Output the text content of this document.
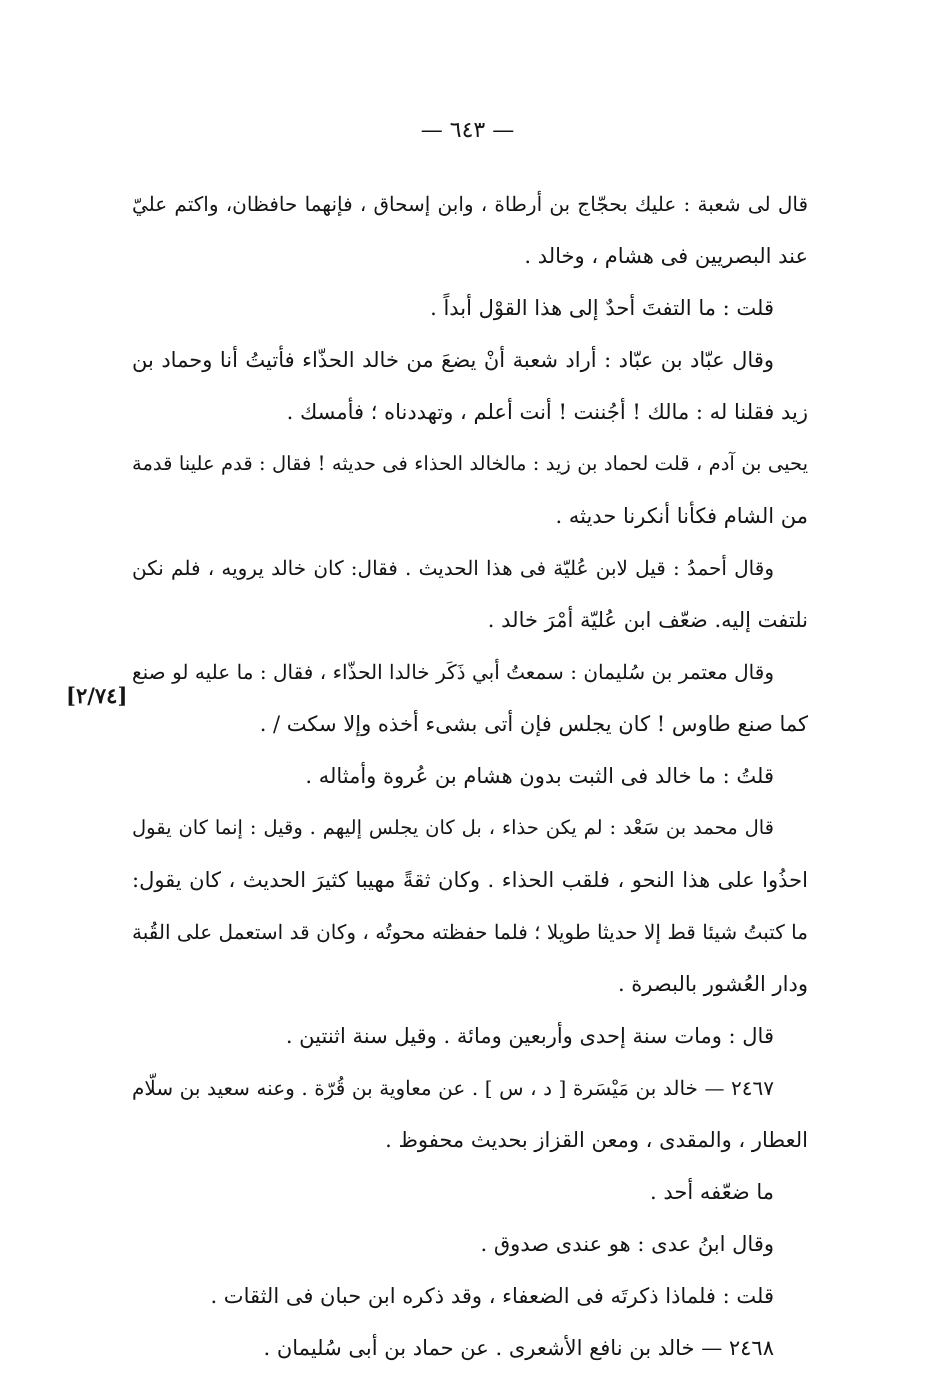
— ٦٤٣ —
[٢/٧٤]
قال لى شعبة : عليك بحجّاج بن أرطاة ، وابن إسحاق ، فإنهما حافظان، واكتم عليّ
عند البصريين فى هشام ، وخالد .
قلت : ما التفتَ أحدٌ إلى هذا القوْل أبداً .
وقال عبّاد بن عبّاد : أراد شعبة أنْ يضعَ من خالد الحذّاء فأتيتُ أنا وحماد بن
زيد فقلنا له : مالك ! أجُننت ! أنت أعلم ، وتهددناه ؛ فأمسك .
يحيى بن آدم ، قلت لحماد بن زيد : مالخالد الحذاء فى حديثه ! فقال : قدم علينا قدمة
من الشام فكأنا أنكرنا حديثه .
وقال أحمدُ : قيل لابن عُليّة فى هذا الحديث . فقال: كان خالد يرويه ، فلم نكن
نلتفت إليه. ضعّف ابن عُليّة أمْرَ خالد .
وقال معتمر بن سُليمان : سمعتُ أبي ذَكَر خالدا الحذّاء ، فقال : ما عليه لو صنع
كما صنع طاوس ! كان يجلس فإن أتى بشىء أخذه وإلا سكت / .
قلتُ : ما خالد فى الثبت بدون هشام بن عُروة وأمثاله .
قال محمد بن سَعْد : لم يكن حذاء ، بل كان يجلس إليهم . وقيل : إنما كان يقول
احذُوا على هذا النحو ، فلقب الحذاء . وكان ثقةً مهيبا كثيرَ الحديث ، كان يقول:
ما كتبتُ شيئا قط إلا حديثا طويلا ؛ فلما حفظته محوتُه ، وكان قد استعمل على القُبة
ودار العُشور بالبصرة .
قال : ومات سنة إحدى وأربعين ومائة . وقيل سنة اثنتين .
٢٤٦٧ — خالد بن مَيْسَرة [ د ، س ] . عن معاوية بن قُرّة . وعنه سعيد بن سلّام
العطار ، والمقدى ، ومعن القزاز بحديث محفوظ .
ما ضعّفه أحد .
وقال ابنُ عدى : هو عندى صدوق .
قلت : فلماذا ذكرتَه فى الضعفاء ، وقد ذكره ابن حبان فى الثقات .
٢٤٦٨ — خالد بن نافع الأشعرى . عن حماد بن أبى سُليمان .
